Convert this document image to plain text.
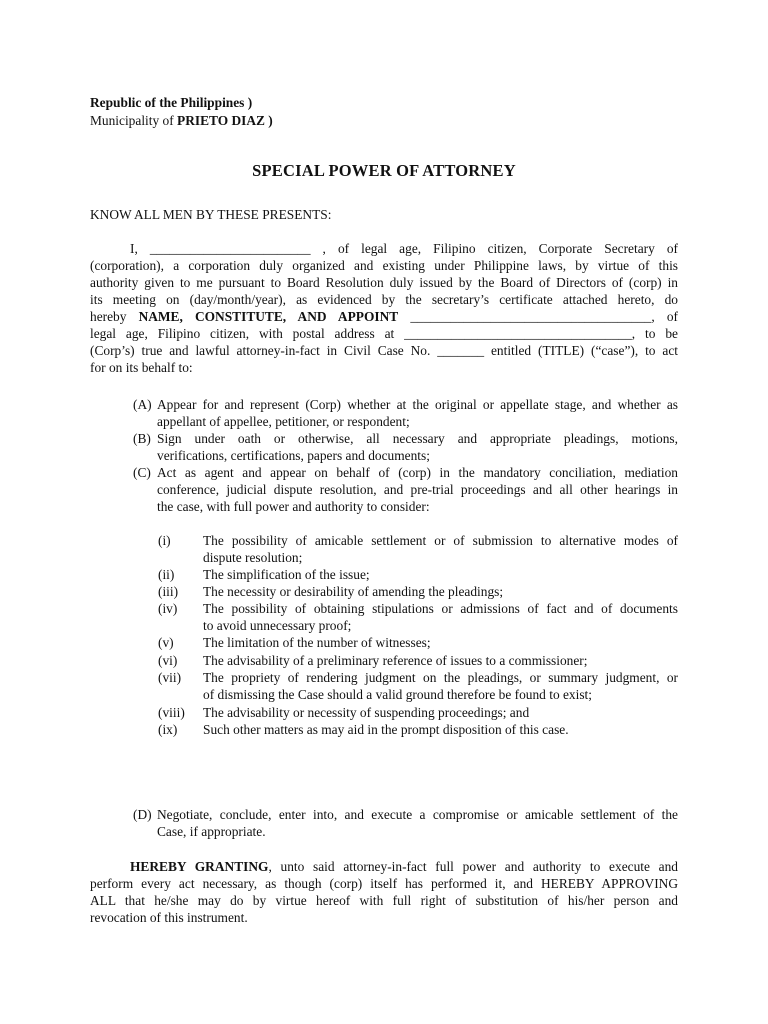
Republic of the Philippines )
Municipality of PRIETO DIAZ )
SPECIAL POWER OF ATTORNEY
KNOW ALL MEN BY THESE PRESENTS:
I, ________________________ , of legal age, Filipino citizen, Corporate Secretary of
(corporation), a corporation duly organized and existing under Philippine laws, by virtue of this
authority given to me pursuant to Board Resolution duly issued by the Board of Directors of (corp) in
its meeting on (day/month/year), as evidenced by the secretary’s certificate attached hereto, do
hereby NAME, CONSTITUTE, AND APPOINT ____________________________________, of
legal age, Filipino citizen, with postal address at __________________________________, to be
(Corp’s) true and lawful attorney-in-fact in Civil Case No. _______ entitled (TITLE) (“case”), to act
for on its behalf to:
(A) Appear for and represent (Corp) whether at the original or appellate stage, and whether as
appellant of appellee, petitioner, or respondent;
(B) Sign under oath or otherwise, all necessary and appropriate pleadings, motions,
verifications, certifications, papers and documents;
(C) Act as agent and appear on behalf of (corp) in the mandatory conciliation, mediation
conference, judicial dispute resolution, and pre-trial proceedings and all other hearings in
the case, with full power and authority to consider:
(i) The possibility of amicable settlement or of submission to alternative modes of
dispute resolution;
(ii) The simplification of the issue;
(iii) The necessity or desirability of amending the pleadings;
(iv) The possibility of obtaining stipulations or admissions of fact and of documents
to avoid unnecessary proof;
(v) The limitation of the number of witnesses;
(vi) The advisability of a preliminary reference of issues to a commissioner;
(vii) The propriety of rendering judgment on the pleadings, or summary judgment, or
of dismissing the Case should a valid ground therefore be found to exist;
(viii) The advisability or necessity of suspending proceedings; and
(ix) Such other matters as may aid in the prompt disposition of this case.
(D) Negotiate, conclude, enter into, and execute a compromise or amicable settlement of the
Case, if appropriate.
HEREBY GRANTING, unto said attorney-in-fact full power and authority to execute and
perform every act necessary, as though (corp) itself has performed it, and HEREBY APPROVING
ALL that he/she may do by virtue hereof with full right of substitution of his/her person and
revocation of this instrument.
